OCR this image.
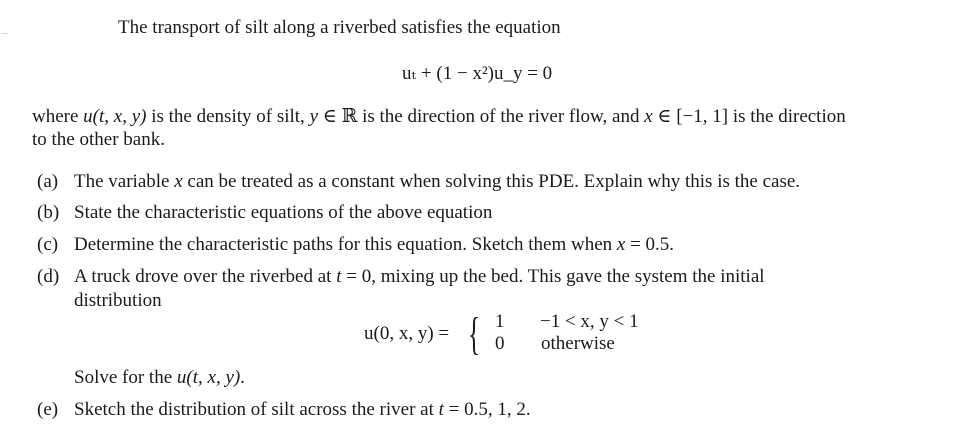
--	The transport of silt along a riverbed satisfies the equation
uₜ + (1 − x²)u_y = 0
where u(t, x, y) is the density of silt, y ∈ ℝ is the direction of the river flow, and x ∈ [−1, 1] is the direction
to the other bank.
(a) The variable x can be treated as a constant when solving this PDE. Explain why this is the case.
(b) State the characteristic equations of the above equation
(c) Determine the characteristic paths for this equation. Sketch them when x = 0.5.
(d) A truck drove over the riverbed at t = 0, mixing up the bed. This gave the system the initial
distribution
u(0, x, y) = { 1
0
−1 < x, y < 1
otherwise
Solve for the u(t, x, y).
(e) Sketch the distribution of silt across the river at t = 0.5, 1, 2.
